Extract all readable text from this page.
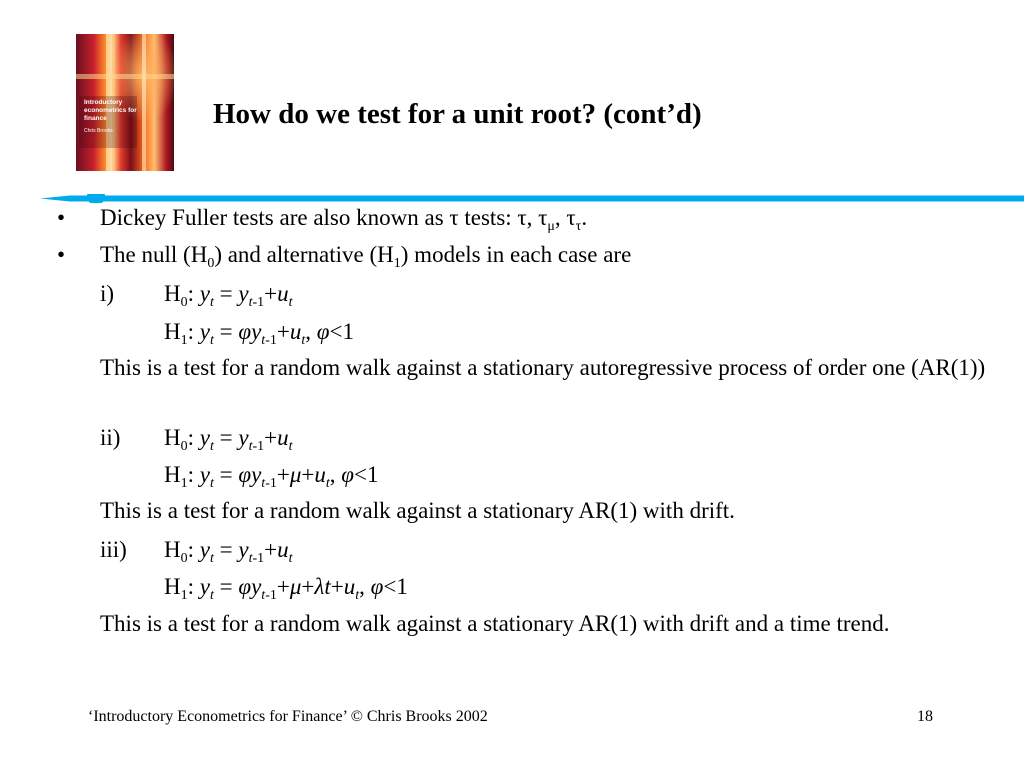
Introductory econometrics for finance
Chris Brooks
How do we test for a unit root? (cont’d)
• Dickey Fuller tests are also known as τ tests: τ, $\tau_\mu$, $\tau_\tau$.
• The null $(H_0)$ and alternative $(H_1)$ models in each case are
i) $H_0$: $y_t = y_{t-1}+u_t$
$H_1$: $y_t = \varphi y_{t-1}+u_t$, φ<1
This is a test for a random walk against a stationary autoregressive process of order one (AR(1))
ii) $H_0$: $y_t = y_{t-1}+u_t$
$H_1$: $y_t = \varphi y_{t-1}+\mu+u_t$, φ<1
This is a test for a random walk against a stationary AR(1) with drift.
iii) $H_0$: $y_t = y_{t-1}+u_t$
$H_1$: $y_t = \varphi y_{t-1}+\mu+\lambda t+u_t$, φ<1
This is a test for a random walk against a stationary AR(1) with drift and a time trend.
‘Introductory Econometrics for Finance’ © Chris Brooks 2002	18
